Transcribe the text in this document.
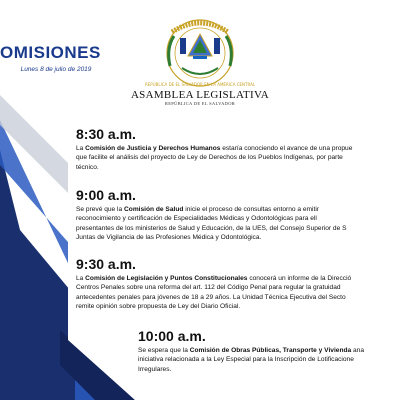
OMISIONES
Lunes 8 de julio de 2019
REPÚBLICA DE EL SALVADOR EN LA AMÉRICA CENTRAL
ASAMBLEA LEGISLATIVA
REPÚBLICA DE EL SALVADOR
8:30 a.m.

La Comisión de Justicia y Derechos Humanos estaría conociendo el avance de una propue

que facilite el análisis del proyecto de Ley de Derechos de los Pueblos Indígenas, por parte

técnico.

9:00 a.m.

Se prevé que la Comisión de Salud inicie el proceso de consultas entorno a emitir

reconocimiento y certificación de Especialidades Médicas y Odontológicas para ell

presentantes de los ministerios de Salud y Educación, de la UES, del Consejo Superior de S

Juntas de Vigilancia de las Profesiones Médica y Odontológica.

9:30 a.m.

La Comisión de Legislación y Puntos Constitucionales conocerá un informe de la Direcció

Centros Penales sobre una reforma del art. 112 del Código Penal para regular la gratuidad

antecedentes penales para jóvenes de 18 a 29 años. La Unidad Técnica Ejecutiva del Secto

remite opinión sobre propuesta de Ley del Diario Oficial.

10:00 a.m.

Se espera que la Comisión de Obras Públicas, Transporte y Vivienda ana

iniciativa relacionada a la Ley Especial para la Inscripción de Lotificacione

Irregulares.
